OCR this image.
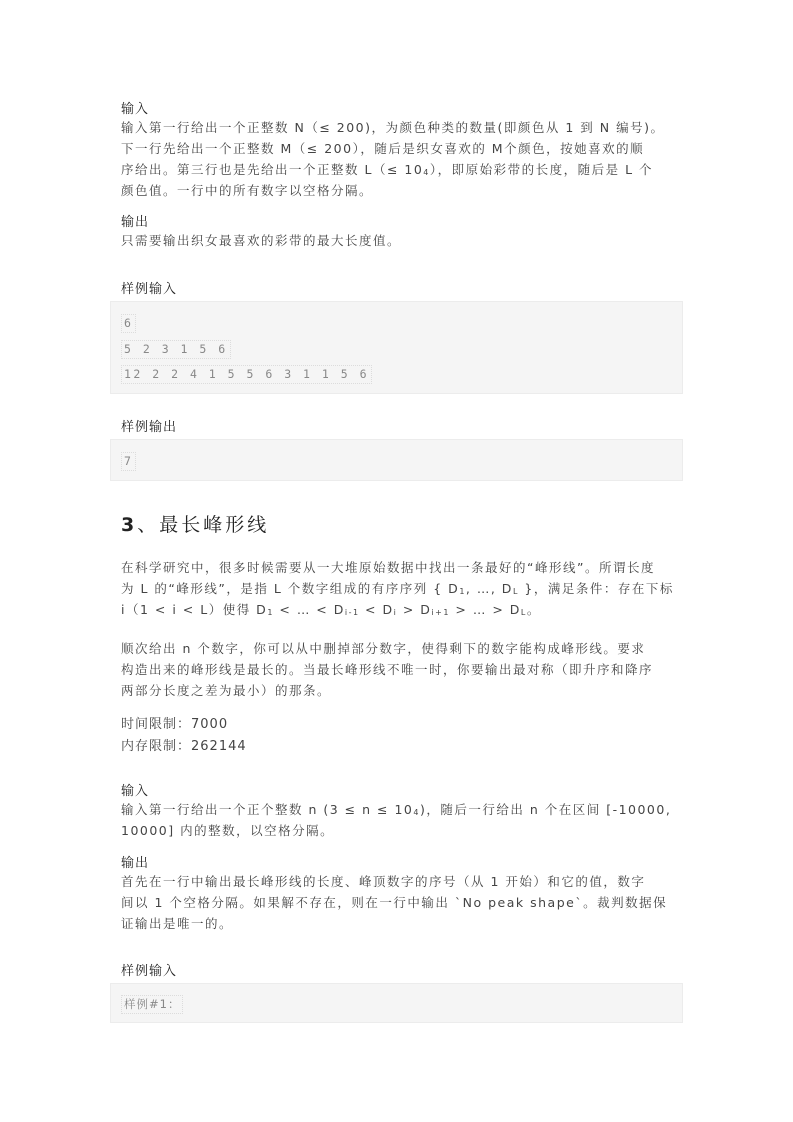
输入
输入第一行给出一个正整数 N（≤ 200)，为颜色种类的数量(即颜色从 1 到 N 编号)。
下一行先给出一个正整数 M（≤ 200），随后是织女喜欢的 M个颜色，按她喜欢的顺
序给出。第三行也是先给出一个正整数 $L(\le 10_4)$，即原始彩带的长度，随后是 L 个
颜色值。一行中的所有数字以空格分隔。
输出
只需要输出织女最喜欢的彩带的最大长度值。
样例输入
6
5 2 3 1 5 6
12 2 2 4 1 5 5 6 3 1 1 5 6
样例输出
7
3、最长峰形线
在科学研究中，很多时候需要从一大堆原始数据中找出一条最好的“峰形线”。所谓长度
为 L 的“峰形线”，是指 L 个数字组成的有序序列 { $D_1$, …, $D_L$ }，满足条件：存在下标
i（1 < i < L）使得 $D_1$ < … < $D_{i-1} < D_i > D_{i+1}$ > … > $D_L$。
顺次给出 n 个数字，你可以从中删掉部分数字，使得剩下的数字能构成峰形线。要求
构造出来的峰形线是最长的。当最长峰形线不唯一时，你要输出最对称（即升序和降序
两部分长度之差为最小）的那条。
时间限制：7000
内存限制：262144
输入
输入第一行给出一个正个整数 n $(3 \le n \le 10_4)$，随后一行给出 n 个在区间 [-10000,
10000] 内的整数，以空格分隔。
输出
首先在一行中输出最长峰形线的长度、峰顶数字的序号（从 1 开始）和它的值，数字
间以 1 个空格分隔。如果解不存在，则在一行中输出 `No peak shape`。裁判数据保
证输出是唯一的。
样例输入
样例#1：
